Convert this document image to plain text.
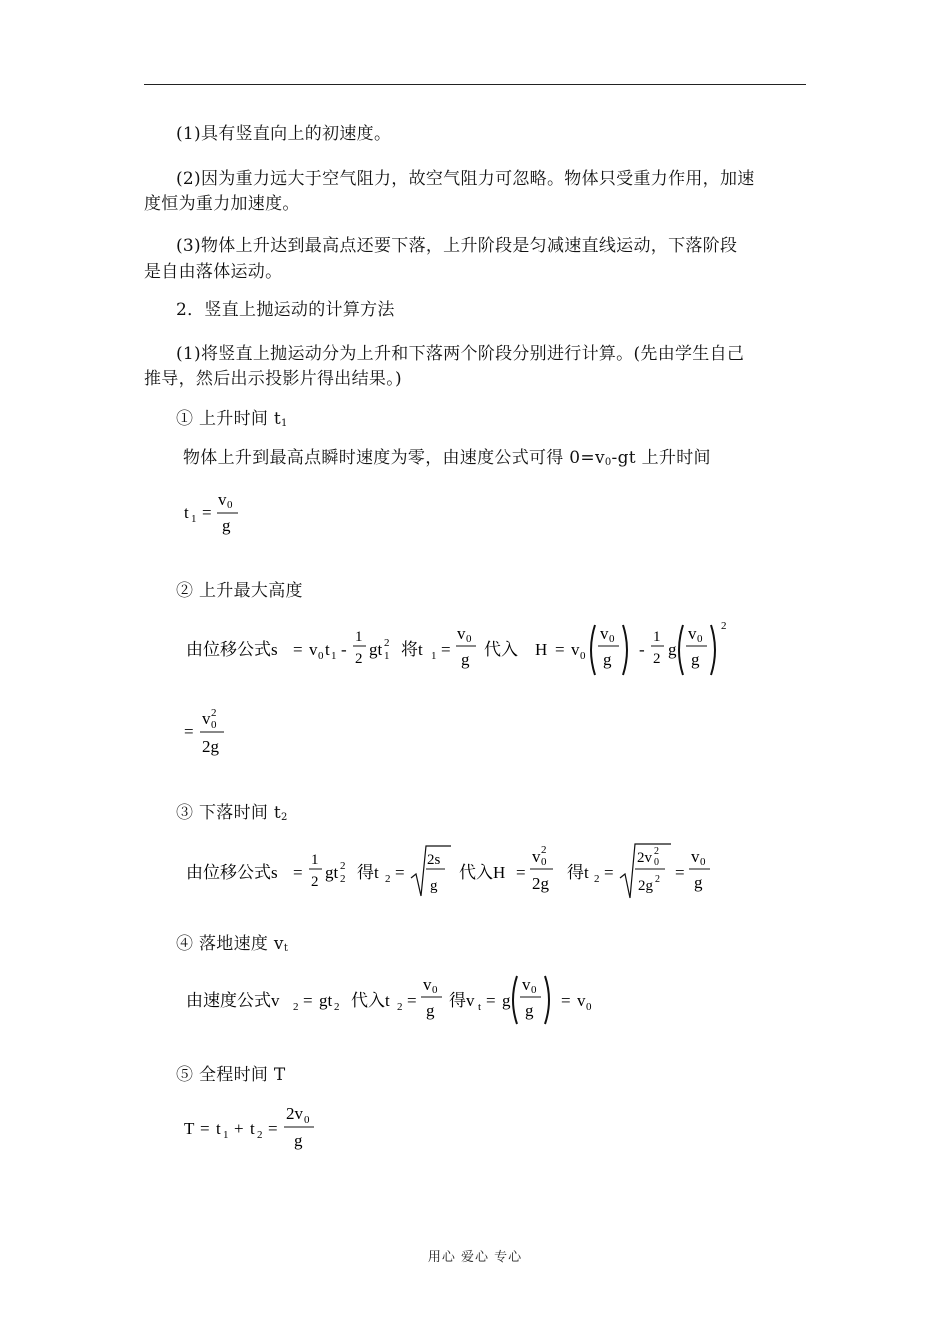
(1)具有竖直向上的初速度。
(2)因为重力远大于空气阻力，故空气阻力可忽略。物体只受重力作用，加速
度恒为重力加速度。
(3)物体上升达到最高点还要下落，上升阶段是匀减速直线运动，下落阶段
是自由落体运动。
2．竖直上抛运动的计算方法
(1)将竖直上抛运动分为上升和下落两个阶段分别进行计算。(先由学生自己
推导，然后出示投影片得出结果。)
① 上升时间 $t_1$
物体上升到最高点瞬时速度为零，由速度公式可得 $0=v_0-gt$ 上升时间
t 1 =
v 0
g
② 上升最大高度
由位移公式s = v 0 t 1 -
1
2 gt 1
2 将t 1 =
v 0
g
代入 H = v 0
v 0
g
-
1
2 g
v 0
g
2
=
v 0
2
2g
③ 下落时间 $t_2$
由位移公式s =
1
2 gt 2
2 得t 2 =
2s
g
代入H =
v 0
2
2g
得t 2 =
2v 0
2
2g 2 =
v 0
g
④ 落地速度 $v_t$
由速度公式v 2 = gt 2 代入t 2 =
v 0
g
得v t = g
v 0
g
= v 0
⑤ 全程时间 T
T = t 1 + t 2 =
2v 0
g
用心 爱心 专心
